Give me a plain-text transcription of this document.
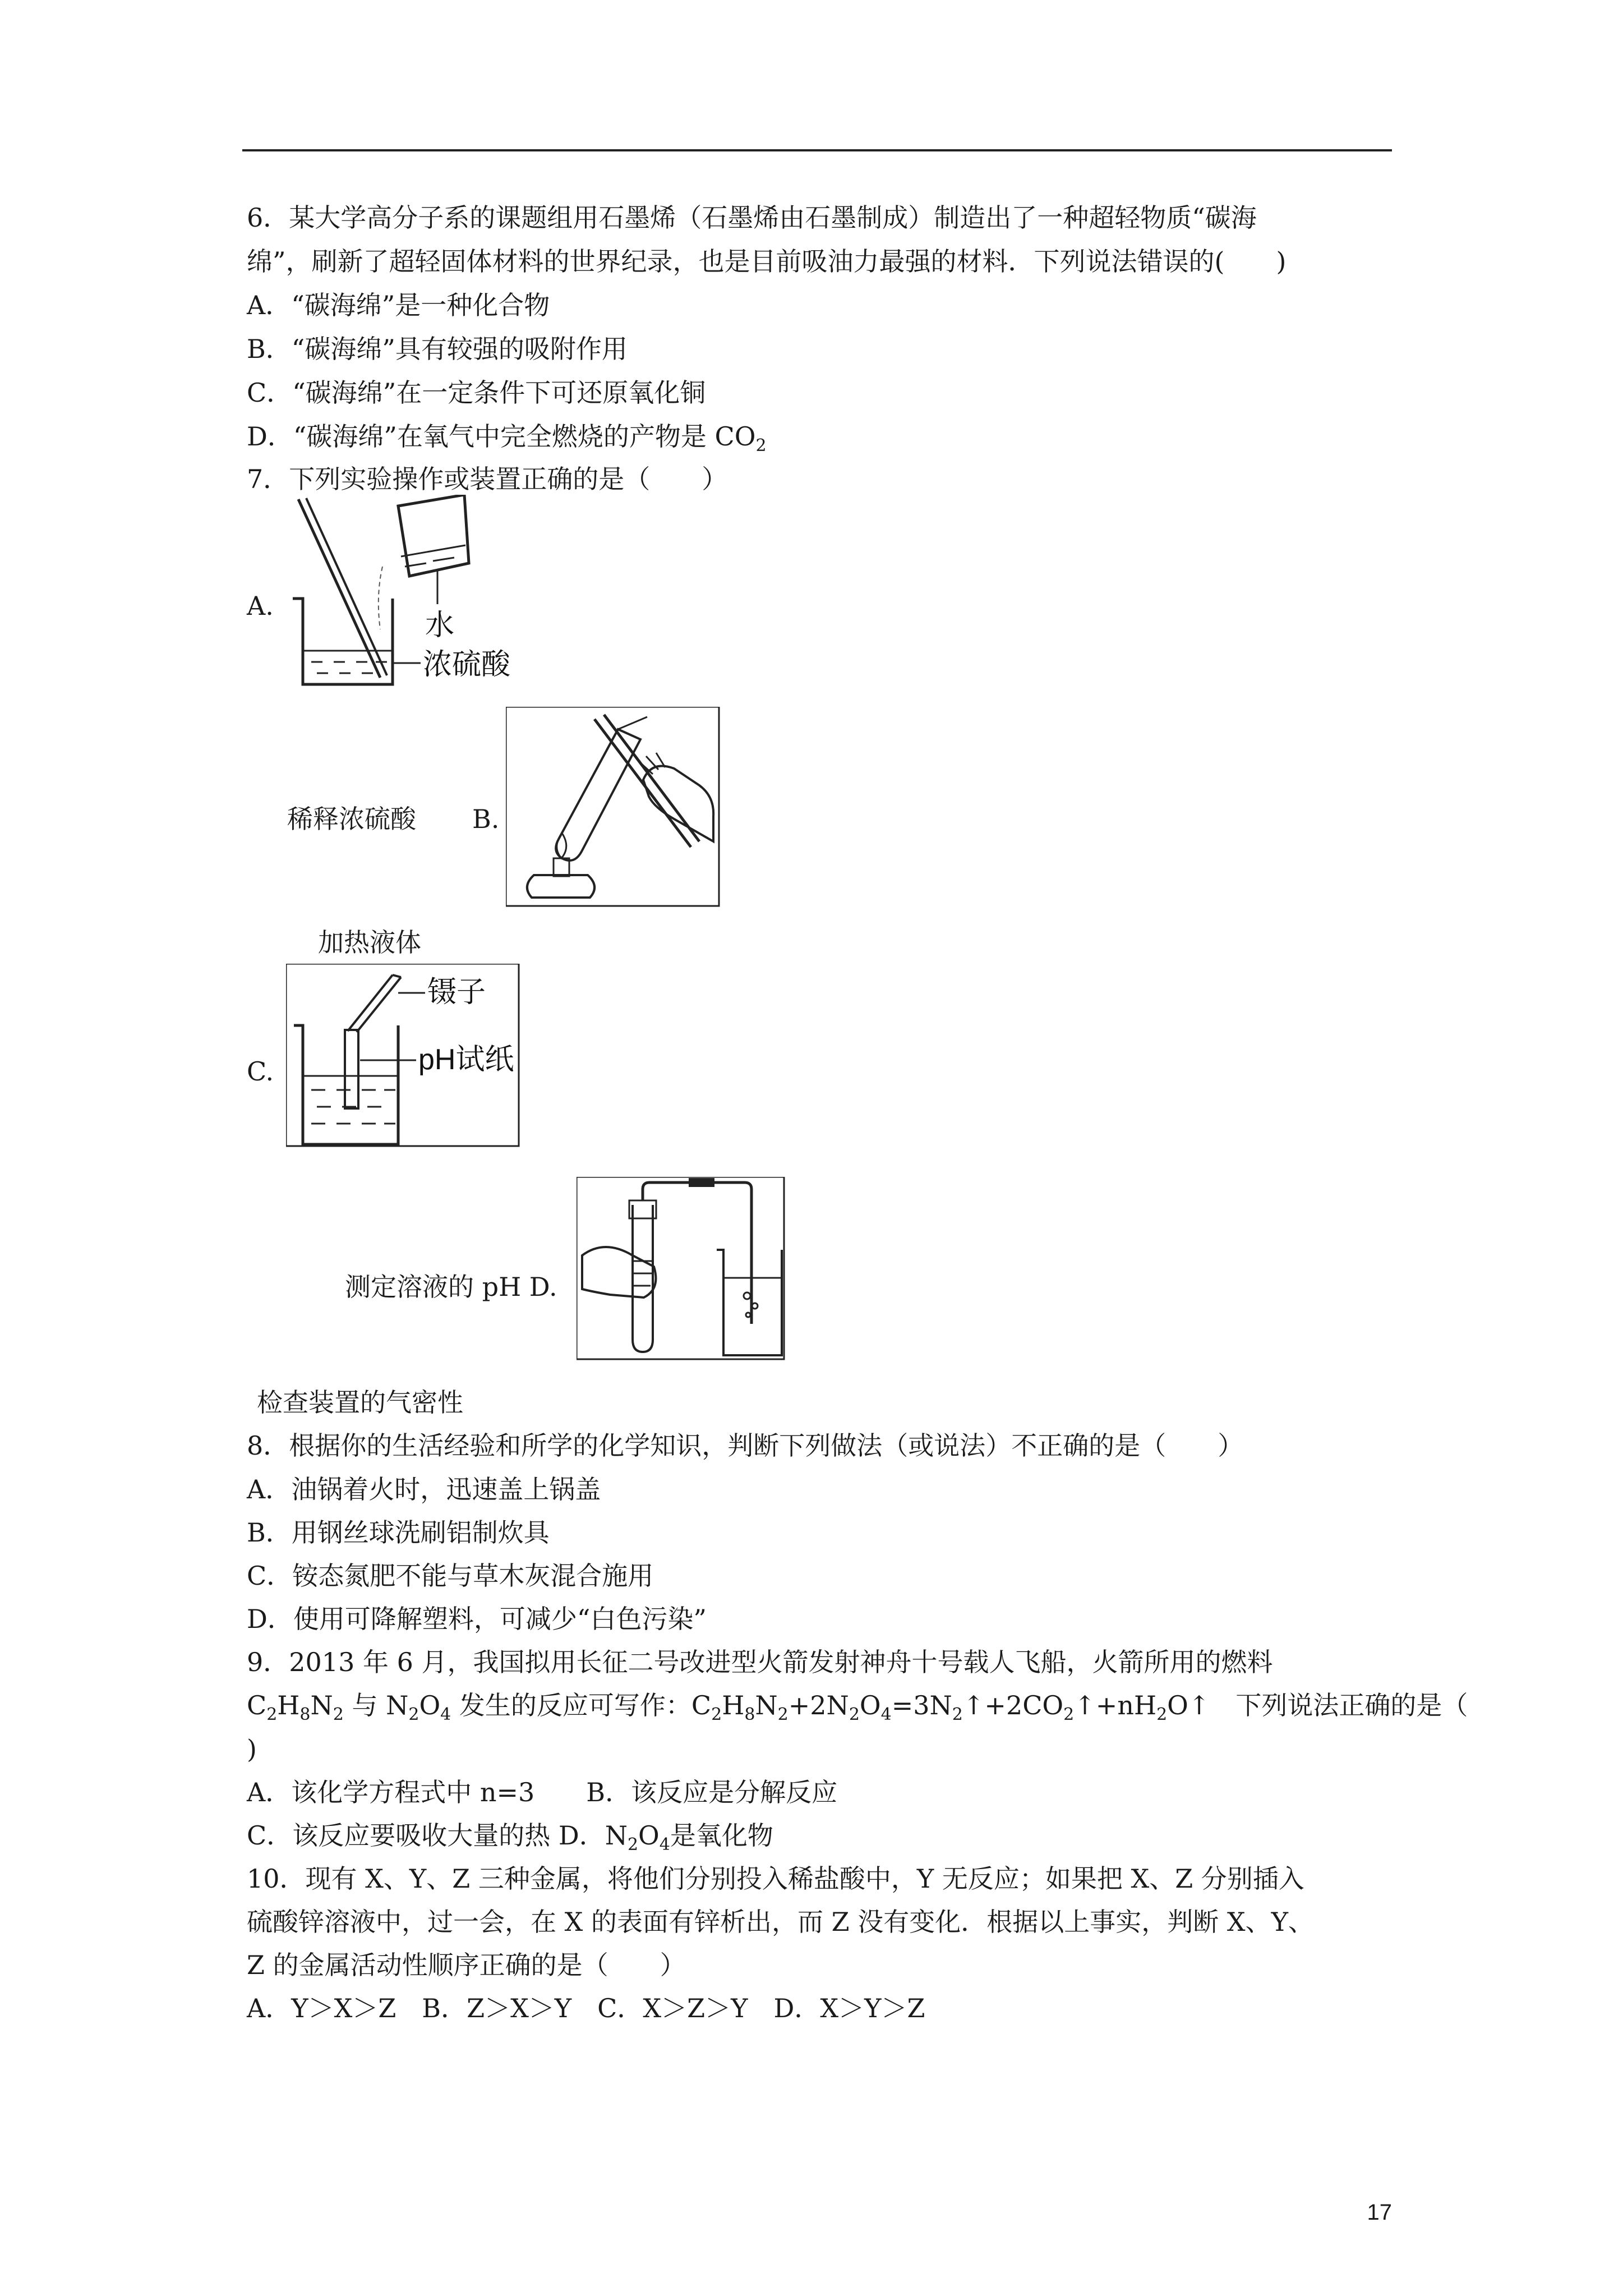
6．某大学高分子系的课题组用石墨烯（石墨烯由石墨制成）制造出了一种超轻物质“碳海
绵”，刷新了超轻固体材料的世界纪录，也是目前吸油力最强的材料．下列说法错误的(　　)
A．“碳海绵”是一种化合物
B．“碳海绵”具有较强的吸附作用
C．“碳海绵”在一定条件下可还原氧化铜
D．“碳海绵”在氧气中完全燃烧的产物是 $CO_2$
7．下列实验操作或装置正确的是（　　）
A.
水
浓硫酸
稀释浓硫酸 B.
加热液体
C.
镊子
pH试纸
测定溶液的 pH D.
检查装置的气密性
8．根据你的生活经验和所学的化学知识，判断下列做法（或说法）不正确的是（　　）
A．油锅着火时，迅速盖上锅盖
B．用钢丝球洗刷铝制炊具
C．铵态氮肥不能与草木灰混合施用
D．使用可降解塑料，可减少“白色污染”
9．2013 年 6 月，我国拟用长征二号改进型火箭发射神舟十号载人飞船，火箭所用的燃料
$C_2H_8N_2$ 与 $N_2O_4$ 发生的反应可写作：$C_2H_8N_2+2N_2O_4=3N_2↑+2CO_2↑+nH_2O↑$　下列说法正确的是（
)
A．该化学方程式中 n=3　　B．该反应是分解反应
C．该反应要吸收大量的热 D．$N_2O_4$是氧化物
10．现有 X、Y、Z 三种金属，将他们分别投入稀盐酸中，Y 无反应；如果把 X、Z 分别插入
硫酸锌溶液中，过一会，在 X 的表面有锌析出，而 Z 没有变化．根据以上事实，判断 X、Y、
Z 的金属活动性顺序正确的是（　　）
A．Y＞X＞Z　B．Z＞X＞Y　C．X＞Z＞Y　D．X＞Y＞Z
17
